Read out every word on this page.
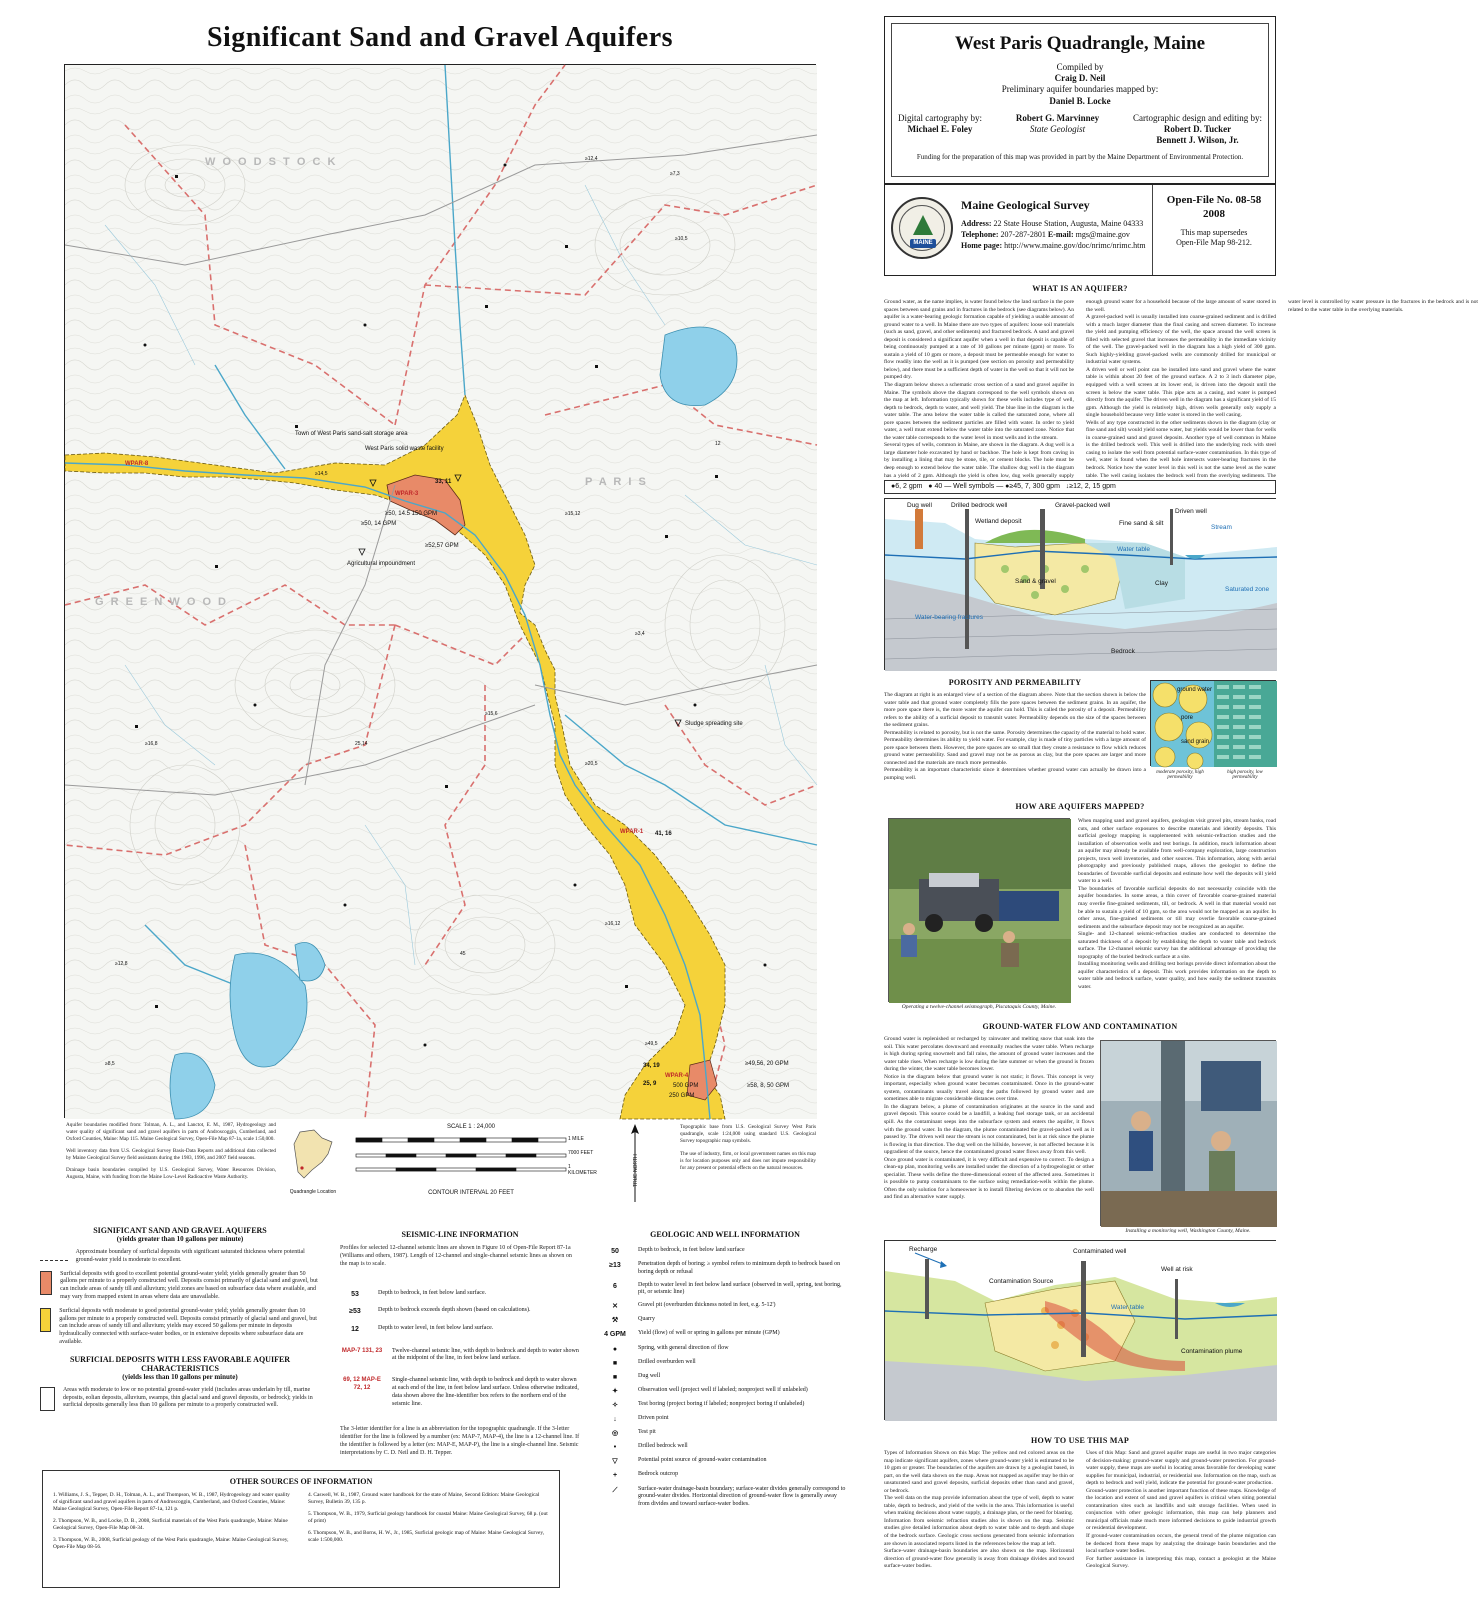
Significant Sand and Gravel Aquifers
≥12,4
≥10,5
≥7,3
≥15,12
45
≥16,12
≥49,5
≥16,8
≥8,5
≥20,5
≥15,6
≥3,4
12
≥14,5
≥12,8
25,14
Town of West Paris sand-salt storage area
West Paris solid waste facility
Agricultural impoundment
Sludge spreading site
WPAR-3
WPAR-8
WPAR-1 41, 16
33, 11
WPAR-4
34, 19
25, 9
≥50, 14.5 150 GPM
≥50, 14 GPM
≥52,57 GPM
500 GPM
250 GPM
≥49,56, 20 GPM
≥58, 8, 50 GPM
W O O D S T O C K
P A R I S
G R E E N W O O D

Aquifer boundaries modified from: Tolman, A. L., and Lanctot, E. M., 1987, Hydrogeology and water quality of significant sand and gravel aquifers in parts of Androscoggin, Cumberland, and Oxford Counties, Maine: Map 115. Maine Geological Survey, Open-File Map 87-1a, scale 1:50,000.

Well inventory data from U.S. Geological Survey Basis-Data Reports and additional data collected by Maine Geological Survey field assistants during the 1983, 1996, and 2007 field seasons.

Drainage basin boundaries compiled by U.S. Geological Survey, Water Resources Division, Augusta, Maine, with funding from the Maine Low-Level Radioactive Waste Authority.

Quadrangle Location
SCALE 1 : 24,000
1 MILE
7000 FEET
1 KILOMETER
CONTOUR INTERVAL 20 FEET
TRUE NORTH

Topographic base from U.S. Geological Survey West Paris quadrangle, scale 1:24,000 using standard U.S. Geological Survey topographic map symbols.

The use of industry, firm, or local government names on this map is for location purposes only and does not impute responsibility for any present or potential effects on the natural resources.

SIGNIFICANT SAND AND GRAVEL AQUIFERS
(yields greater than 10 gallons per minute)
Approximate boundary of surficial deposits with significant saturated thickness where potential ground-water yield is moderate to excellent.
Surficial deposits with good to excellent potential ground-water yield; yields generally greater than 50 gallons per minute to a properly constructed well. Deposits consist primarily of glacial sand and gravel, but can include areas of sandy till and alluvium; yield zones are based on subsurface data where available, and may vary from mapped extent in areas where data are unavailable.
Surficial deposits with moderate to good potential ground-water yield; yields generally greater than 10 gallons per minute to a properly constructed well. Deposits consist primarily of glacial sand and gravel, but can include areas of sandy till and alluvium; yields may exceed 50 gallons per minute in deposits hydraulically connected with surface-water bodies, or in extensive deposits where subsurface data are available.
SURFICIAL DEPOSITS WITH LESS FAVORABLE AQUIFER CHARACTERISTICS
(yields less than 10 gallons per minute)
Areas with moderate to low or no potential ground-water yield (includes areas underlain by till, marine deposits, eolian deposits, alluvium, swamps, thin glacial sand and gravel deposits, or bedrock); yields in surficial deposits generally less than 10 gallons per minute to a properly constructed well.
SEISMIC-LINE INFORMATION
Profiles for selected 12-channel seismic lines are shown in Figure 10 of Open-File Report 87-1a (Williams and others, 1987). Length of 12-channel and single-channel seismic lines as shown on the map is to scale.
53	Depth to bedrock, in feet below land surface.
≥53	Depth to bedrock exceeds depth shown (based on calculations).
12	Depth to water level, in feet below land surface.
MAP-7 131, 23	Twelve-channel seismic line, with depth to bedrock and depth to water shown at the midpoint of the line, in feet below land surface.
69, 12 MAP-E 72, 12
Single-channel seismic line, with depth to bedrock and depth to water shown at each end of the line, in feet below land surface. Unless otherwise indicated, data shown above the line-identifier box refers to the northern end of the seismic line.
The 3-letter identifier for a line is an abbreviation for the topographic quadrangle. If the 3-letter identifier for the line is followed by a number (ex: MAP-7, MAP-4), the line is a 12-channel line. If the identifier is followed by a letter (ex: MAP-E, MAP-P), the line is a single-channel line. Seismic interpretations by C. D. Neil and D. H. Tepper.
GEOLOGIC AND WELL INFORMATION
50	Depth to bedrock, in feet below land surface
≥13	Penetration depth of boring; ≥ symbol refers to minimum depth to bedrock based on boring depth or refusal
6	Depth to water level in feet below land surface (observed in well, spring, test boring, pit, or seismic line)
✕	Gravel pit (overburden thickness noted in feet, e.g. 5-12')
⚒	Quarry
4 GPM	Yield (flow) of well or spring in gallons per minute (GPM)
●	Spring, with general direction of flow
■	Drilled overburden well
■	Dug well
✦	Observation well (project well if labeled; nonproject well if unlabeled)
✧	Test boring (project boring if labeled; nonproject boring if unlabeled)
↓	Driven point
◎	Test pit
•	Drilled bedrock well
▽	Potential point source of ground-water contamination
+	Bedrock outcrop
⟋	Surface-water drainage-basin boundary; surface-water divides generally correspond to ground-water divides. Horizontal direction of ground-water flow is generally away from divides and toward surface-water bodies.
OTHER SOURCES OF INFORMATION

1. Williams, J. S., Tepper, D. H., Tolman, A. L., and Thompson, W. B., 1987, Hydrogeology and water quality of significant sand and gravel aquifers in parts of Androscoggin, Cumberland, and Oxford Counties, Maine: Maine Geological Survey, Open-File Report 87-1a, 121 p.

2. Thompson, W. B., and Locke, D. B., 2008, Surficial materials of the West Paris quadrangle, Maine: Maine Geological Survey, Open-File Map 08-34.

3. Thompson, W. B., 2008, Surficial geology of the West Paris quadrangle, Maine: Maine Geological Survey, Open-File Map 08-56.

4. Caswell, W. B., 1987, Ground water handbook for the state of Maine, Second Edition: Maine Geological Survey, Bulletin 39, 135 p.

5. Thompson, W. B., 1979, Surficial geology handbook for coastal Maine: Maine Geological Survey, 68 p. (out of print)

6. Thompson, W. B., and Borns, H. W., Jr., 1985, Surficial geologic map of Maine: Maine Geological Survey, scale 1:500,000.

West Paris Quadrangle, Maine
Compiled by
Craig D. Neil
Preliminary aquifer boundaries mapped by:
Daniel B. Locke
Digital cartography by:
Michael E. Foley
Robert G. Marvinney
State Geologist
Cartographic design and editing by:
Robert D. Tucker
Bennett J. Wilson, Jr.
Funding for the preparation of this map was provided in part by the Maine Department of Environmental Protection.
MAINE
Maine Geological Survey
Address: 22 State House Station, Augusta, Maine 04333
Telephone: 207-287-2801 E-mail: mgs@maine.gov
Home page: http://www.maine.gov/doc/nrimc/nrimc.htm
Open-File No. 08-58
2008
This map supersedes
Open-File Map 98-212.
WHAT IS AN AQUIFER?

Ground water, as the name implies, is water found below the land surface in the pore spaces between sand grains and in fractures in the bedrock (see diagrams below). An aquifer is a water-bearing geologic formation capable of yielding a usable amount of ground water to a well. In Maine there are two types of aquifers: loose soil materials (such as sand, gravel, and other sediments) and fractured bedrock. A sand and gravel deposit is considered a significant aquifer when a well in that deposit is capable of being continuously pumped at a rate of 10 gallons per minute (gpm) or more. To sustain a yield of 10 gpm or more, a deposit must be permeable enough for water to flow readily into the well as it is pumped (see section on porosity and permeability below), and there must be a sufficient depth of water in the well so that it will not be pumped dry.

The diagram below shows a schematic cross section of a sand and gravel aquifer in Maine. The symbols above the diagram correspond to the well symbols shown on the map at left. Information typically shown for these wells includes type of well, depth to bedrock, depth to water, and well yield. The blue line in the diagram is the water table. The area below the water table is called the saturated zone, where all pore spaces between the sediment particles are filled with water. In order to yield water, a well must extend below the water table into the saturated zone. Notice that the water table corresponds to the water level in most wells and in the stream.

Several types of wells, common in Maine, are shown in the diagram. A dug well is a large diameter hole excavated by hand or backhoe. The hole is kept from caving in by installing a lining that may be stone, tile, or cement blocks. The hole must be deep enough to extend below the water table. The shallow dug well in the diagram has a yield of 2 gpm. Although the yield is often low, dug wells generally supply enough ground water for a household because of the large amount of water stored in the well.

A gravel-packed well is usually installed into coarse-grained sediment and is drilled with a much larger diameter than the final casing and screen diameter. To increase the yield and pumping efficiency of the well, the space around the well screen is filled with selected gravel that increases the permeability in the immediate vicinity of the well. The gravel-packed well in the diagram has a high yield of 300 gpm. Such highly-yielding gravel-packed wells are commonly drilled for municipal or industrial water systems.

A driven well or well point can be installed into sand and gravel where the water table is within about 20 feet of the ground surface. A 2 to 3 inch diameter pipe, equipped with a well screen at its lower end, is driven into the deposit until the screen is below the water table. This pipe acts as a casing, and water is pumped directly from the aquifer. The driven well in the diagram has a significant yield of 15 gpm. Although the yield is relatively high, driven wells generally only supply a single household because very little water is stored in the well casing.

Wells of any type constructed in the other sediments shown in the diagram (clay or fine sand and silt) would yield some water, but yields would be lower than for wells in coarse-grained sand and gravel deposits. Another type of well common in Maine is the drilled bedrock well. This well is drilled into the underlying rock with steel casing to isolate the well from potential surface-water contamination. In this type of well, water is found when the well hole intersects water-bearing fractures in the bedrock. Notice how the water level in this well is not the same level as the water table. The well casing isolates the bedrock well from the overlying sediments. The water level is controlled by water pressure in the fractures in the bedrock and is not related to the water table in the overlying materials.

●6, 2 gpm   ● 40 — Well symbols — ●≥45, 7, 300 gpm   ↓≥12, 2, 15 gpm
Dug well	Drilled bedrock well
Wetland deposit
Gravel-packed well
Fine sand & silt
Driven well
Stream
Water table
Sand & gravel	Clay
Saturated zone
Water-bearing fractures
Bedrock
POROSITY AND PERMEABILITY

The diagram at right is an enlarged view of a section of the diagram above. Note that the section shown is below the water table and that ground water completely fills the pore spaces between the sediment grains. In an aquifer, the more pore space there is, the more water the aquifer can hold. This is called the porosity of a deposit. Permeability refers to the ability of a surficial deposit to transmit water. Permeability depends on the size of the spaces between the sediment grains.

Permeability is related to porosity, but is not the same. Porosity determines the capacity of the material to hold water. Permeability determines its ability to yield water. For example, clay is made of tiny particles with a large amount of pore space between them. However, the pore spaces are so small that they create a resistance to flow which reduces ground water permeability. Sand and gravel may not be as porous as clay, but the pore spaces are larger and more connected and the materials are much more permeable.

Permeability is an important characteristic since it determines whether ground water can actually be drawn into a pumping well.

ground water
pore
sand grain
moderate porosity, high permeability
high porosity, low permeability
HOW ARE AQUIFERS MAPPED?
Operating a twelve-channel seismograph, Piscataquis County, Maine.

When mapping sand and gravel aquifers, geologists visit gravel pits, stream banks, road cuts, and other surface exposures to describe materials and identify deposits. This surficial geology mapping is supplemented with seismic-refraction studies and the installation of observation wells and test borings. In addition, much information about an aquifer may already be available from well-company exploration, large construction projects, town well inventories, and other sources. This information, along with aerial photography and previously published maps, allows the geologist to define the boundaries of favorable surficial deposits and estimate how well the deposits will yield water to a well.

The boundaries of favorable surficial deposits do not necessarily coincide with the aquifer boundaries. In some areas, a thin cover of favorable coarse-grained material may overlie fine-grained sediments, till, or bedrock. A well in that material would not be able to sustain a yield of 10 gpm, so the area would not be mapped as an aquifer. In other areas, fine-grained sediments or till may overlie favorable coarse-grained sediments and the subsurface deposit may not be recognized as an aquifer.

Single- and 12-channel seismic-refraction studies are conducted to determine the saturated thickness of a deposit by establishing the depth to water table and bedrock surface. The 12-channel seismic survey has the additional advantage of providing the topography of the buried bedrock surface at a site.

Installing monitoring wells and drilling test borings provide direct information about the aquifer characteristics of a deposit. This work provides information on the depth to water table and bedrock surface, water quality, and how easily the sediment transmits water.

GROUND-WATER FLOW AND CONTAMINATION

Ground water is replenished or recharged by rainwater and melting snow that soak into the soil. This water percolates downward and eventually reaches the water table. When recharge is high during spring snowmelt and fall rains, the amount of ground water increases and the water table rises. When recharge is low during the late summer or when the ground is frozen during the winter, the water table becomes lower.

Notice in the diagram below that ground water is not static; it flows. This concept is very important, especially when ground water becomes contaminated. Once in the ground-water system, contaminants usually travel along the paths followed by ground water and are sometimes able to migrate considerable distances over time.

In the diagram below, a plume of contamination originates at the source in the sand and gravel deposit. This source could be a landfill, a leaking fuel storage tank, or an accidental spill. As the contaminant seeps into the subsurface system and enters the aquifer, it flows with the ground water. In the diagram, the plume contaminated the gravel-packed well as it passed by. The driven well near the stream is not contaminated, but is at risk since the plume is flowing in that direction. The dug well on the hillside, however, is not affected because it is upgradient of the source, hence the contaminated ground water flows away from this well.

Once ground water is contaminated, it is very difficult and expensive to correct. To design a clean-up plan, monitoring wells are installed under the direction of a hydrogeologist or other specialist. These wells define the three-dimensional extent of the affected area. Sometimes it is possible to pump contaminants to the surface using remediation-wells within the plume. Often the only solution for a homeowner is to install filtering devices or to abandon the well and find an alternative water supply.

Installing a monitoring well, Washington County, Maine.
Recharge
Contamination Source
Contaminated well
Well at risk
Water table
Contamination plume
HOW TO USE THIS MAP

Types of Information Shown on this Map: The yellow and red colored areas on the map indicate significant aquifers, zones where ground-water yield is estimated to be 10 gpm or greater. The boundaries of the aquifers are drawn by a geologist based, in part, on the well data shown on the map. Areas not mapped as aquifer may be thin or unsaturated sand and gravel deposits, surficial deposits other than sand and gravel, or bedrock.

The well data on the map provide information about the type of well, depth to water table, depth to bedrock, and yield of the wells in the area. This information is useful when making decisions about water supply, a drainage plan, or the need for blasting.

Information from seismic refraction studies also is shown on the map. Seismic studies give detailed information about depth to water table and to depth and shape of the bedrock surface. Geologic cross sections generated from seismic information are shown in associated reports listed in the references below the map at left.

Surface-water drainage-basin boundaries are also shown on the map. Horizontal direction of ground-water flow generally is away from drainage divides and toward surface-water bodies.

Uses of this Map: Sand and gravel aquifer maps are useful in two major categories of decision-making: ground-water supply and ground-water protection. For ground-water supply, these maps are useful in locating areas favorable for developing water supplies for municipal, industrial, or residential use. Information on the map, such as depth to bedrock and well yield, indicate the potential for ground-water production.

Ground-water protection is another important function of these maps. Knowledge of the location and extent of sand and gravel aquifers is critical when siting potential contamination sites such as landfills and salt storage facilities. When used in conjunction with other geologic information, this map can help planners and municipal officials make much more informed decisions to guide industrial growth or residential development.

If ground-water contamination occurs, the general trend of the plume migration can be deduced from these maps by analyzing the drainage basin boundaries and the local surface water bodies.

For further assistance in interpreting this map, contact a geologist at the Maine Geological Survey.
